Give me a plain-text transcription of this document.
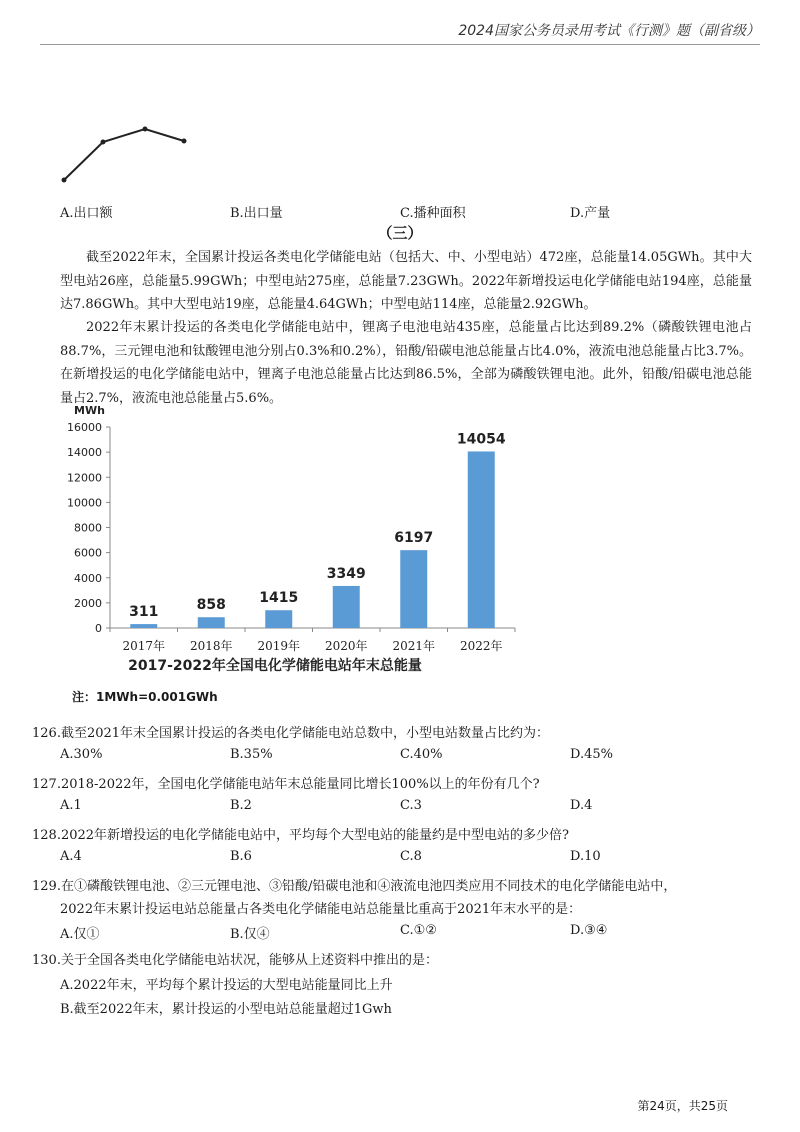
2024国家公务员录用考试《行测》题（副省级）
A.出口额	B.出口量	C.播种面积	D.产量
（三）
截至2022年末，全国累计投运各类电化学储能电站（包括大、中、小型电站）472座，总能量14.05GWh。其中大型电站26座，总能量5.99GWh；中型电站275座，总能量7.23GWh。2022年新增投运电化学储能电站194座，总能量达7.86GWh。其中大型电站19座，总能量4.64GWh；中型电站114座，总能量2.92GWh。
2022年末累计投运的各类电化学储能电站中，锂离子电池电站435座，总能量占比达到89.2%（磷酸铁锂电池占88.7%，三元锂电池和钛酸锂电池分别占0.3%和0.2%），铅酸/铅碳电池总能量占比4.0%，液流电池总能量占比3.7%。在新增投运的电化学储能电站中，锂离子电池总能量占比达到86.5%，全部为磷酸铁锂电池。此外，铅酸/铅碳电池总能量占2.7%，液流电池总能量占5.6%。
MWh
0
2000
4000
6000
8000
10000
12000
14000
16000
311
2017年
858
2018年
1415
2019年
3349
2020年
6197
2021年
14054
2022年
2017-2022年全国电化学储能电站年末总能量
注：1MWh=0.001GWh
126.截至2021年末全国累计投运的各类电化学储能电站总数中，小型电站数量占比约为：
A.30%	B.35%	C.40%	D.45%
127.2018-2022年，全国电化学储能电站年末总能量同比增长100%以上的年份有几个?
A.1	B.2	C.3	D.4
128.2022年新增投运的电化学储能电站中，平均每个大型电站的能量约是中型电站的多少倍?
A.4	B.6	C.8	D.10
129.在①磷酸铁锂电池、②三元锂电池、③铅酸/铅碳电池和④液流电池四类应用不同技术的电化学储能电站中，
2022年末累计投运电站总能量占各类电化学储能电站总能量比重高于2021年末水平的是：
A.仅①	B.仅④	C.①②	D.③④
130.关于全国各类电化学储能电站状况，能够从上述资料中推出的是：
A.2022年末，平均每个累计投运的大型电站能量同比上升
B.截至2022年末，累计投运的小型电站总能量超过1Gwh
第24页，共25页
